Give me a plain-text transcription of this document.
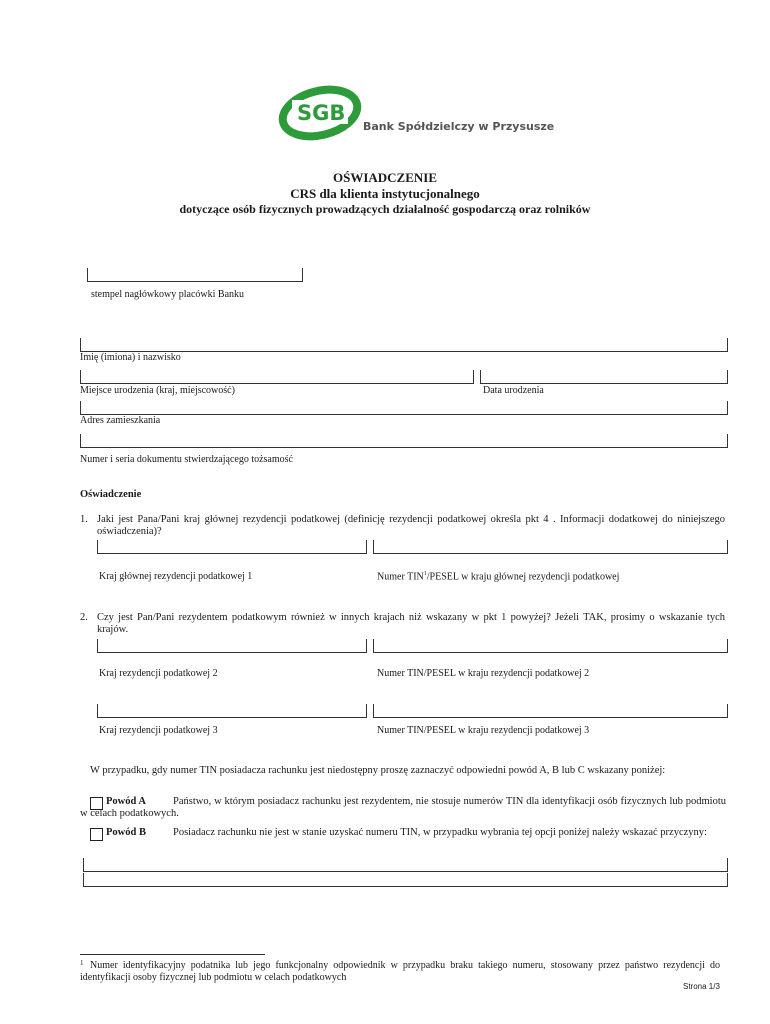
SGB
Bank Spółdzielczy w Przysusze
OŚWIADCZENIE
CRS dla klienta instytucjonalnego
dotyczące osób fizycznych prowadzących działalność gospodarczą oraz rolników
stempel nagłówkowy placówki Banku
Imię (imiona) i nazwisko
Miejsce urodzenia (kraj, miejscowość)	Data urodzenia
Adres zamieszkania
Numer i seria dokumentu stwierdzającego tożsamość
Oświadczenie
1. Jaki jest Pana/Pani kraj głównej rezydencji podatkowej (definicję rezydencji podatkowej określa pkt 4 . Informacji dodatkowej do niniejszego oświadczenia)?
Kraj głównej rezydencji podatkowej 1	Numer TIN$^1$/PESEL w kraju głównej rezydencji podatkowej
2. Czy jest Pan/Pani rezydentem podatkowym również w innych krajach niż wskazany w pkt 1 powyżej? Jeżeli TAK, prosimy o wskazanie tych krajów.
Kraj rezydencji podatkowej 2	Numer TIN/PESEL w kraju rezydencji podatkowej 2
Kraj rezydencji podatkowej 3	Numer TIN/PESEL w kraju rezydencji podatkowej 3
W przypadku, gdy numer TIN posiadacza rachunku jest niedostępny proszę zaznaczyć odpowiedni powód A, B lub C wskazany poniżej:
Powód A	Państwo, w którym posiadacz rachunku jest rezydentem, nie stosuje numerów TIN dla identyfikacji osób fizycznych lub podmiotu w celach podatkowych.
Powód B	Posiadacz rachunku nie jest w stanie uzyskać numeru TIN, w przypadku wybrania tej opcji poniżej należy wskazać przyczyny:
1 Numer identyfikacyjny podatnika lub jego funkcjonalny odpowiednik w przypadku braku takiego numeru, stosowany przez państwo rezydencji do identyfikacji osoby fizycznej lub podmiotu w celach podatkowych
Strona 1/3
